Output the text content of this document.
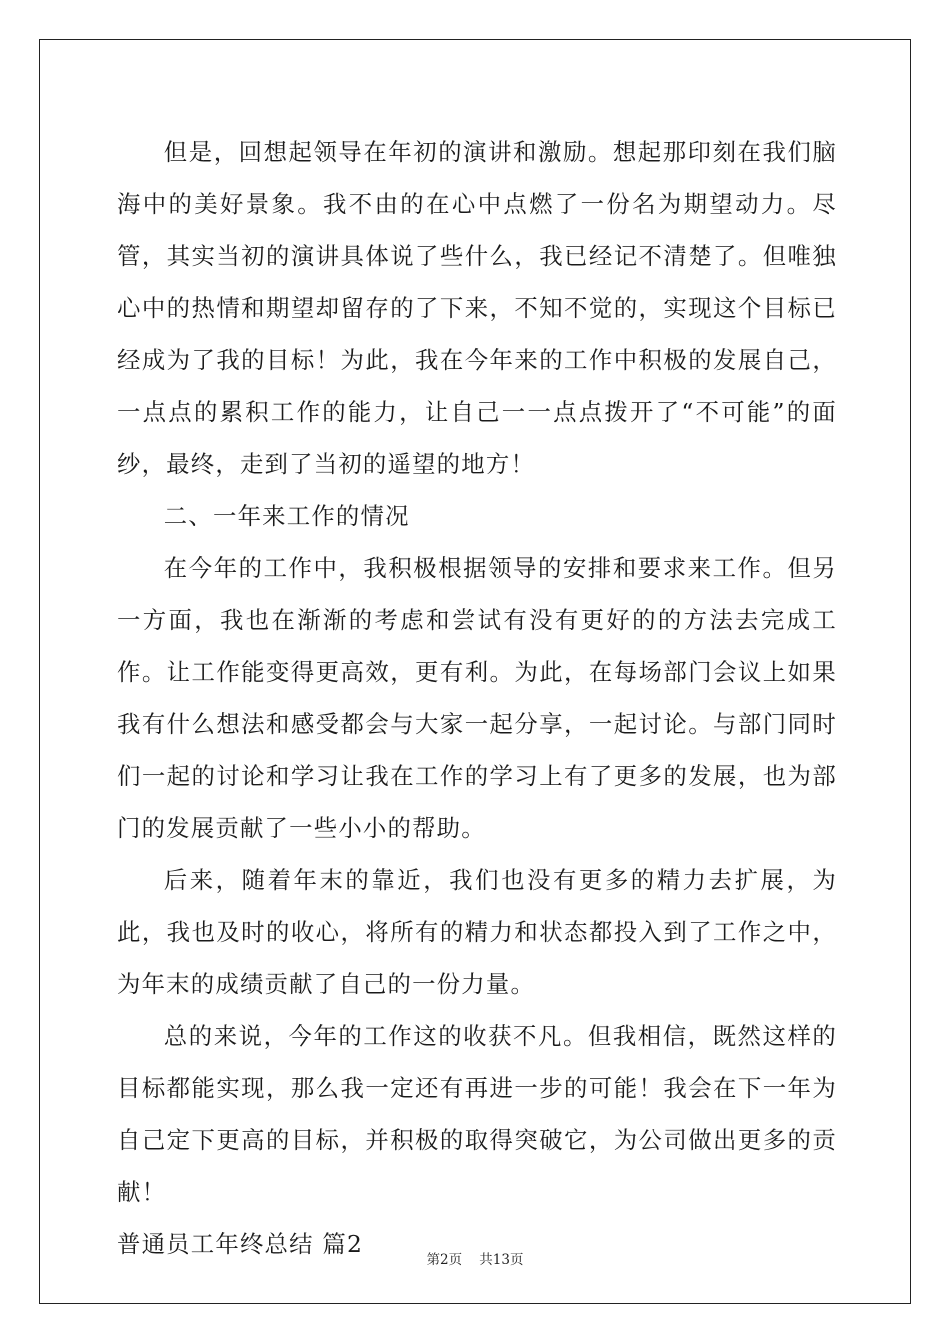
但是，回想起领导在年初的演讲和激励。想起那印刻在我们脑海中的美好景象。我不由的在心中点燃了一份名为期望动力。尽管，其实当初的演讲具体说了些什么，我已经记不清楚了。但唯独心中的热情和期望却留存的了下来，不知不觉的，实现这个目标已经成为了我的目标！为此，我在今年来的工作中积极的发展自己，一点点的累积工作的能力，让自己一一点点拨开了“不可能”的面纱，最终，走到了当初的遥望的地方！

二、一年来工作的情况

在今年的工作中，我积极根据领导的安排和要求来工作。但另一方面，我也在渐渐的考虑和尝试有没有更好的的方法去完成工作。让工作能变得更高效，更有利。为此，在每场部门会议上如果我有什么想法和感受都会与大家一起分享，一起讨论。与部门同时们一起的讨论和学习让我在工作的学习上有了更多的发展，也为部门的发展贡献了一些小小的帮助。

后来，随着年末的靠近，我们也没有更多的精力去扩展，为此，我也及时的收心，将所有的精力和状态都投入到了工作之中，为年末的成绩贡献了自己的一份力量。

总的来说，今年的工作这的收获不凡。但我相信，既然这样的目标都能实现，那么我一定还有再进一步的可能！我会在下一年为自己定下更高的目标，并积极的取得突破它，为公司做出更多的贡献！

普通员工年终总结 篇2

第2页    共13页
